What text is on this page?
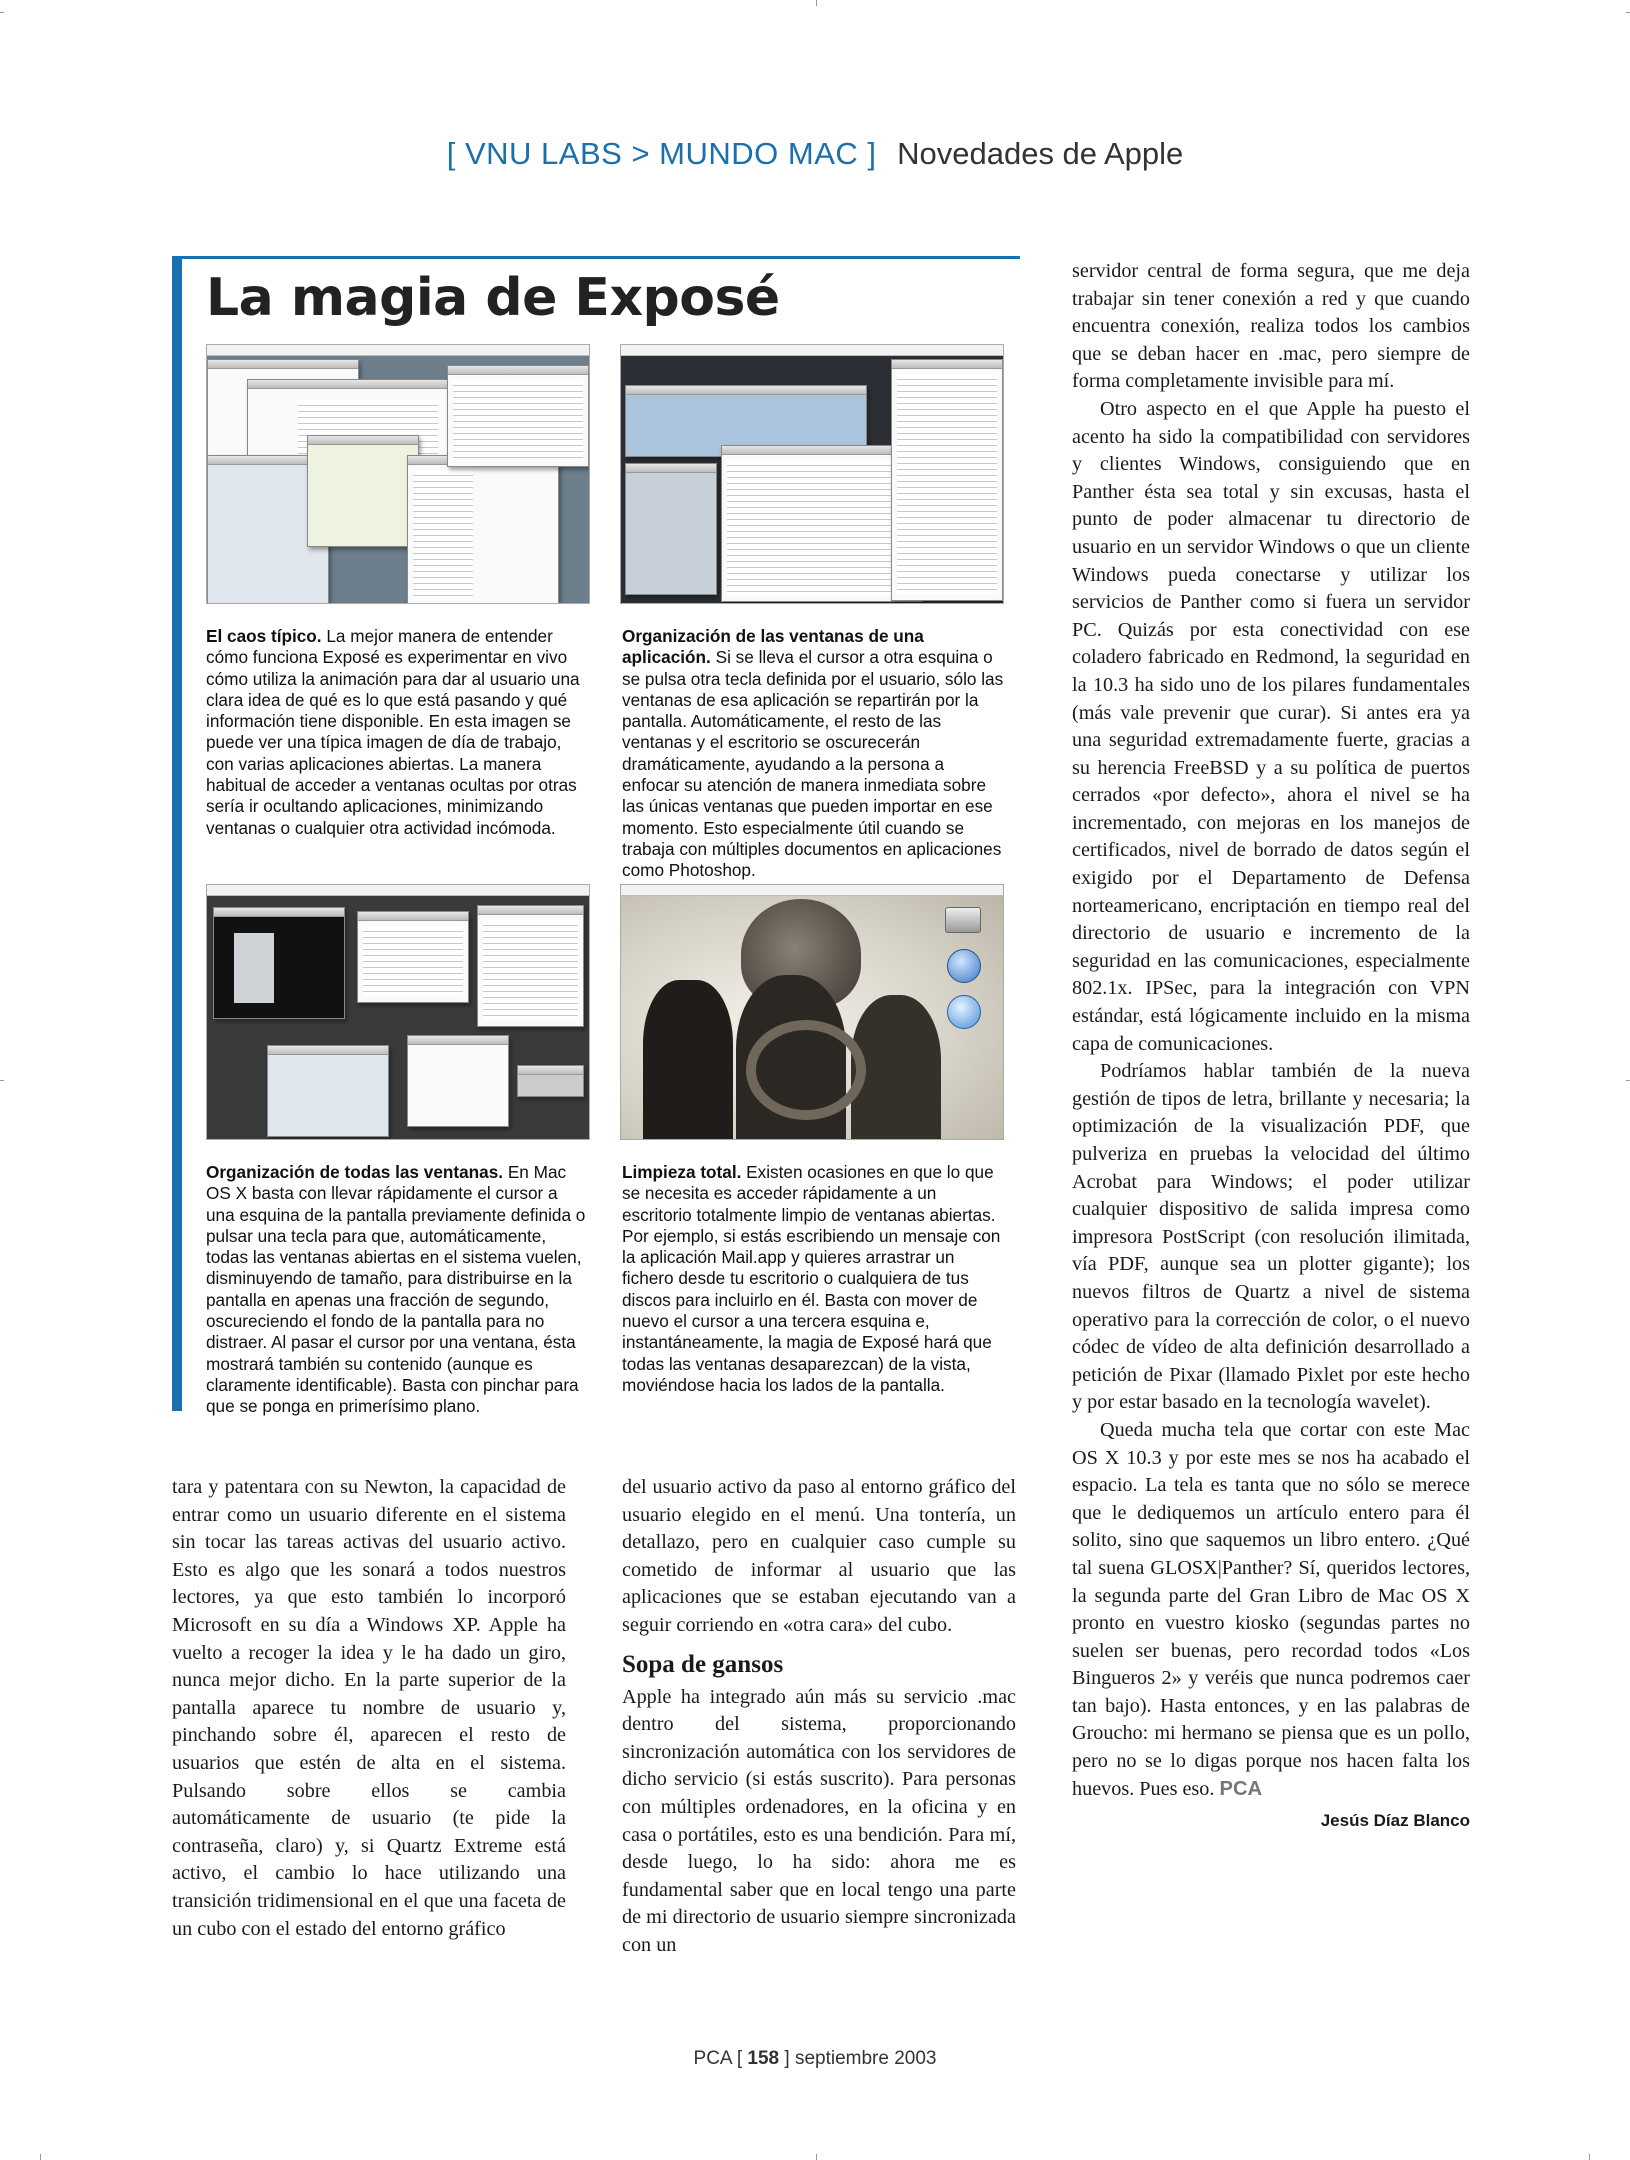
[ VNU LABS > MUNDO MAC ] Novedades de Apple
La magia de Exposé

El caos típico. La mejor manera de entender cómo funciona Exposé es experimentar en vivo cómo utiliza la animación para dar al usuario una clara idea de qué es lo que está pasando y qué información tiene disponible. En esta imagen se puede ver una típica imagen de día de trabajo, con varias aplicaciones abiertas. La manera habitual de acceder a ventanas ocultas por otras sería ir ocultando aplicaciones, minimizando ventanas o cualquier otra actividad incómoda.

Organización de las ventanas de una aplicación. Si se lleva el cursor a otra esquina o se pulsa otra tecla definida por el usuario, sólo las ventanas de esa aplicación se repartirán por la pantalla. Automáticamente, el resto de las ventanas y el escritorio se oscurecerán dramáticamente, ayudando a la persona a enfocar su atención de manera inmediata sobre las únicas ventanas que pueden importar en ese momento. Esto especialmente útil cuando se trabaja con múltiples documentos en aplicaciones como Photoshop.

Organización de todas las ventanas. En Mac OS X basta con llevar rápidamente el cursor a una esquina de la pantalla previamente definida o pulsar una tecla para que, automáticamente, todas las ventanas abiertas en el sistema vuelen, disminuyendo de tamaño, para distribuirse en la pantalla en apenas una fracción de segundo, oscureciendo el fondo de la pantalla para no distraer. Al pasar el cursor por una ventana, ésta mostrará también su contenido (aunque es claramente identificable). Basta con pinchar para que se ponga en primerísimo plano.

Limpieza total. Existen ocasiones en que lo que se necesita es acceder rápidamente a un escritorio totalmente limpio de ventanas abiertas. Por ejemplo, si estás escribiendo un mensaje con la aplicación Mail.app y quieres arrastrar un fichero desde tu escritorio o cualquiera de tus discos para incluirlo en él. Basta con mover de nuevo el cursor a una tercera esquina e, instantáneamente, la magia de Exposé hará que todas las ventanas desaparezcan) de la vista, moviéndose hacia los lados de la pantalla.

tara y patentara con su Newton, la capacidad de entrar como un usuario diferente en el sistema sin tocar las tareas activas del usuario activo. Esto es algo que les sonará a todos nuestros lectores, ya que esto también lo incorporó Microsoft en su día a Windows XP. Apple ha vuelto a recoger la idea y le ha dado un giro, nunca mejor dicho. En la parte superior de la pantalla aparece tu nombre de usuario y, pinchando sobre él, aparecen el resto de usuarios que estén de alta en el sistema. Pulsando sobre ellos se cambia automáticamente de usuario (te pide la contraseña, claro) y, si Quartz Extreme está activo, el cambio lo hace utilizando una transición tridimensional en el que una faceta de un cubo con el estado del entorno gráfico

del usuario activo da paso al entorno gráfico del usuario elegido en el menú. Una tontería, un detallazo, pero en cualquier caso cumple su cometido de informar al usuario que las aplicaciones que se estaban ejecutando van a seguir corriendo en «otra cara» del cubo.

Sopa de gansos

Apple ha integrado aún más su servicio .mac dentro del sistema, proporcionando sincronización automática con los servidores de dicho servicio (si estás suscrito). Para personas con múltiples ordenadores, en la oficina y en casa o portátiles, esto es una bendición. Para mí, desde luego, lo ha sido: ahora me es fundamental saber que en local tengo una parte de mi directorio de usuario siempre sincronizada con un

servidor central de forma segura, que me deja trabajar sin tener conexión a red y que cuando encuentra conexión, realiza todos los cambios que se deban hacer en .mac, pero siempre de forma completamente invisible para mí.

Otro aspecto en el que Apple ha puesto el acento ha sido la compatibilidad con servidores y clientes Windows, consiguiendo que en Panther ésta sea total y sin excusas, hasta el punto de poder almacenar tu directorio de usuario en un servidor Windows o que un cliente Windows pueda conectarse y utilizar los servicios de Panther como si fuera un servidor PC. Quizás por esta conectividad con ese coladero fabricado en Redmond, la seguridad en la 10.3 ha sido uno de los pilares fundamentales (más vale prevenir que curar). Si antes era ya una seguridad extremadamente fuerte, gracias a su herencia FreeBSD y a su política de puertos cerrados «por defecto», ahora el nivel se ha incrementado, con mejoras en los manejos de certificados, nivel de borrado de datos según el exigido por el Departamento de Defensa norteamericano, encriptación en tiempo real del directorio de usuario e incremento de la seguridad en las comunicaciones, especialmente 802.1x. IPSec, para la integración con VPN estándar, está lógicamente incluido en la misma capa de comunicaciones.

Podríamos hablar también de la nueva gestión de tipos de letra, brillante y necesaria; la optimización de la visualización PDF, que pulveriza en pruebas la velocidad del último Acrobat para Windows; el poder utilizar cualquier dispositivo de salida impresa como impresora PostScript (con resolución ilimitada, vía PDF, aunque sea un plotter gigante); los nuevos filtros de Quartz a nivel de sistema operativo para la corrección de color, o el nuevo códec de vídeo de alta definición desarrollado a petición de Pixar (llamado Pixlet por este hecho y por estar basado en la tecnología wavelet).

Queda mucha tela que cortar con este Mac OS X 10.3 y por este mes se nos ha acabado el espacio. La tela es tanta que no sólo se merece que le dediquemos un artículo entero para él solito, sino que saquemos un libro entero. ¿Qué tal suena GLOSX|Panther? Sí, queridos lectores, la segunda parte del Gran Libro de Mac OS X pronto en vuestro kiosko (segundas partes no suelen ser buenas, pero recordad todos «Los Bingueros 2» y veréis que nunca podremos caer tan bajo). Hasta entonces, y en las palabras de Groucho: mi hermano se piensa que es un pollo, pero no se lo digas porque nos hacen falta los huevos. Pues eso. PCA

Jesús Díaz Blanco
PCA [ 158 ] septiembre 2003
